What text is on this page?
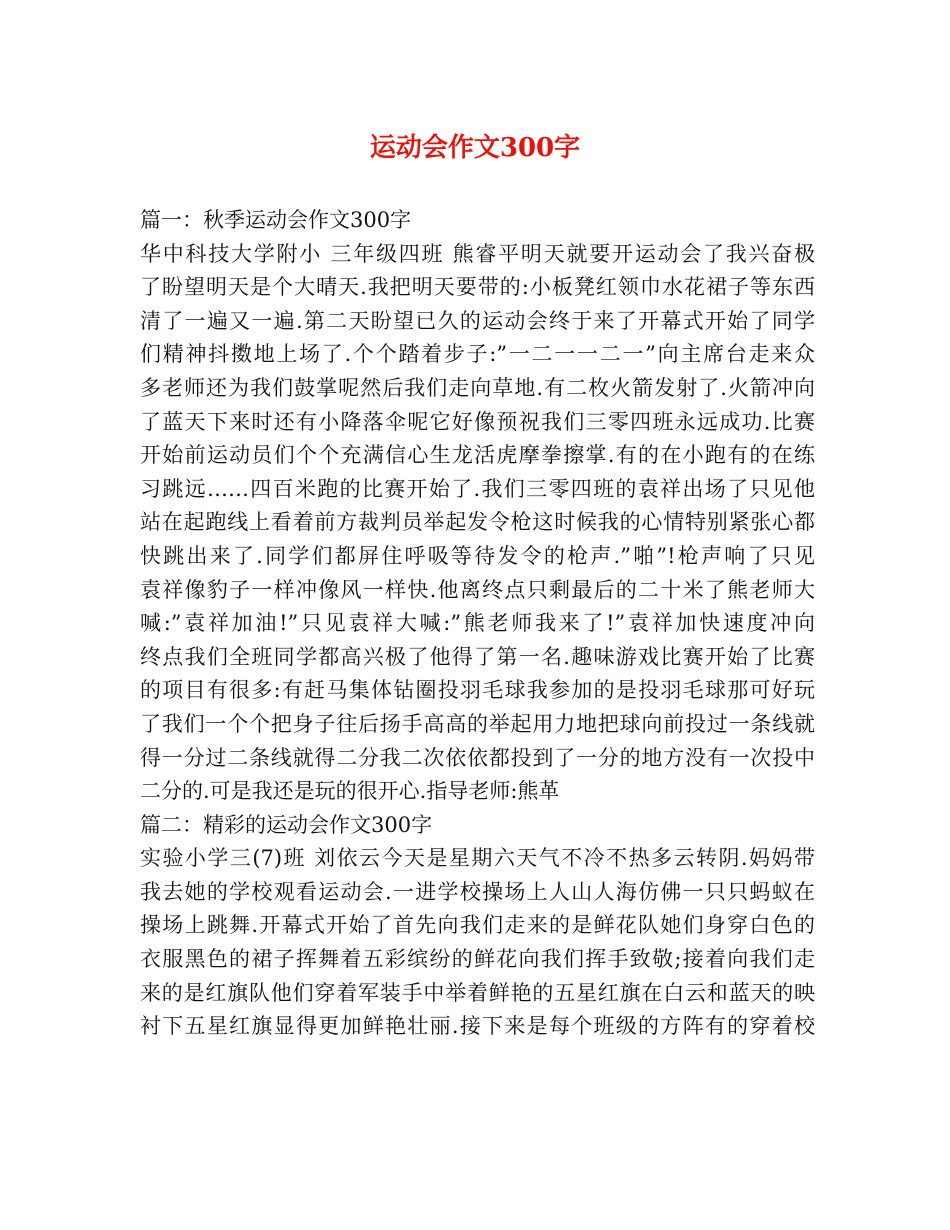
运动会作文300字
篇一：秋季运动会作文300字
华中科技大学附小 三年级四班 熊睿平明天就要开运动会了我兴奋极
了盼望明天是个大晴天.我把明天要带的:小板凳红领巾水花裙子等东西
清了一遍又一遍.第二天盼望已久的运动会终于来了开幕式开始了同学
们精神抖擞地上场了.个个踏着步子:”一二一一二一”向主席台走来众
多老师还为我们鼓掌呢然后我们走向草地.有二枚火箭发射了.火箭冲向
了蓝天下来时还有小降落伞呢它好像预祝我们三零四班永远成功.比赛
开始前运动员们个个充满信心生龙活虎摩拳擦掌.有的在小跑有的在练
习跳远……四百米跑的比赛开始了.我们三零四班的袁祥出场了只见他
站在起跑线上看着前方裁判员举起发令枪这时候我的心情特别紧张心都
快跳出来了.同学们都屏住呼吸等待发令的枪声.”啪”!枪声响了只见
袁祥像豹子一样冲像风一样快.他离终点只剩最后的二十米了熊老师大
喊:”袁祥加油!”只见袁祥大喊:”熊老师我来了!”袁祥加快速度冲向
终点我们全班同学都高兴极了他得了第一名.趣味游戏比赛开始了比赛
的项目有很多:有赶马集体钻圈投羽毛球我参加的是投羽毛球那可好玩
了我们一个个把身子往后扬手高高的举起用力地把球向前投过一条线就
得一分过二条线就得二分我二次依依都投到了一分的地方没有一次投中
二分的.可是我还是玩的很开心.指导老师:熊革
篇二：精彩的运动会作文300字
实验小学三(7)班 刘依云今天是星期六天气不冷不热多云转阴.妈妈带
我去她的学校观看运动会.一进学校操场上人山人海仿佛一只只蚂蚁在
操场上跳舞.开幕式开始了首先向我们走来的是鲜花队她们身穿白色的
衣服黑色的裙子挥舞着五彩缤纷的鲜花向我们挥手致敬;接着向我们走
来的是红旗队他们穿着军装手中举着鲜艳的五星红旗在白云和蓝天的映
衬下五星红旗显得更加鲜艳壮丽.接下来是每个班级的方阵有的穿着校
